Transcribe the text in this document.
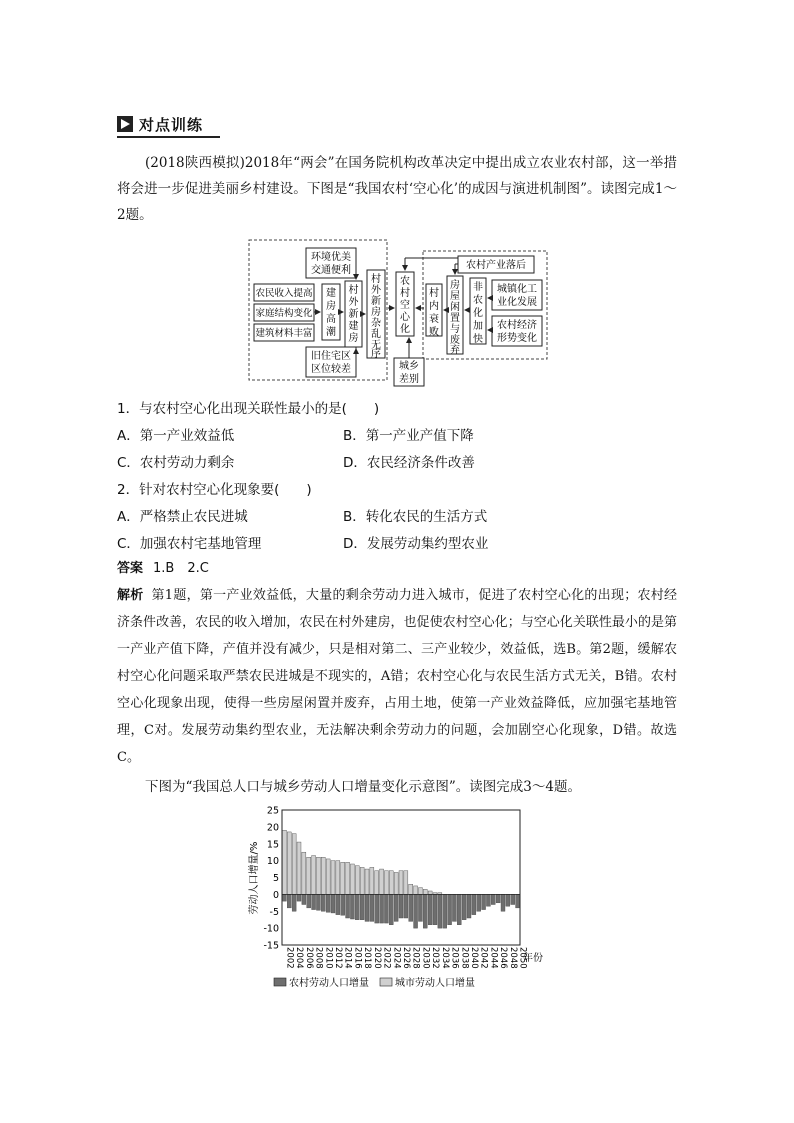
对点训练
(2018陕西模拟)2018年“两会”在国务院机构改革决定中提出成立农业农村部，这一举措将会进一步促进美丽乡村建设。下图是“我国农村‘空心化’的成因与演进机制图”。读图完成1～2题。
环境优美
交通便利
农民收入提高
家庭结构变化
建筑材料丰富
建
房
高
潮
村
外
新
建
房
旧住宅区
区位较差
村
外
新
房
杂
乱
无
序
农
村
空
心
化
城乡
差别
农村产业落后
村
内
衰
败
房
屋
闲
置
与
废
弃
非
农
化
加
快
城镇化工
业化发展
农村经济
形势变化
1．与农村空心化出现关联性最小的是(　　)
A．第一产业效益低	B．第一产业产值下降
C．农村劳动力剩余	D．农民经济条件改善
2．针对农村空心化现象要(　　)
A．严格禁止农民进城	B．转化农民的生活方式
C．加强农村宅基地管理	D．发展劳动集约型农业
答案 1.B　2.C
解析 第1题，第一产业效益低，大量的剩余劳动力进入城市，促进了农村空心化的出现；农村经济条件改善，农民的收入增加，农民在村外建房，也促使农村空心化；与空心化关联性最小的是第一产业产值下降，产值并没有减少，只是相对第二、三产业较少，效益低，选B。第2题，缓解农村空心化问题采取严禁农民进城是不现实的，A错；农村空心化与农民生活方式无关，B错。农村空心化现象出现，使得一些房屋闲置并废弃，占用土地，使第一产业效益降低，应加强宅基地管理，C对。发展劳动集约型农业，无法解决剩余劳动力的问题，会加剧空心化现象，D错。故选C。
下图为“我国总人口与城乡劳动人口增量变化示意图”。读图完成3～4题。
劳动人口增量/%
25
20
15
10
5
0
-5
-10
-15
2002 2004 2006 2008 2010 2012 2014 2016 2018 2020 2022 2024 2026 2028 2030 2032 2034 2036 2038 2040 2042 2044 2046 2048 2050
年份
农村劳动人口增量	城市劳动人口增量
